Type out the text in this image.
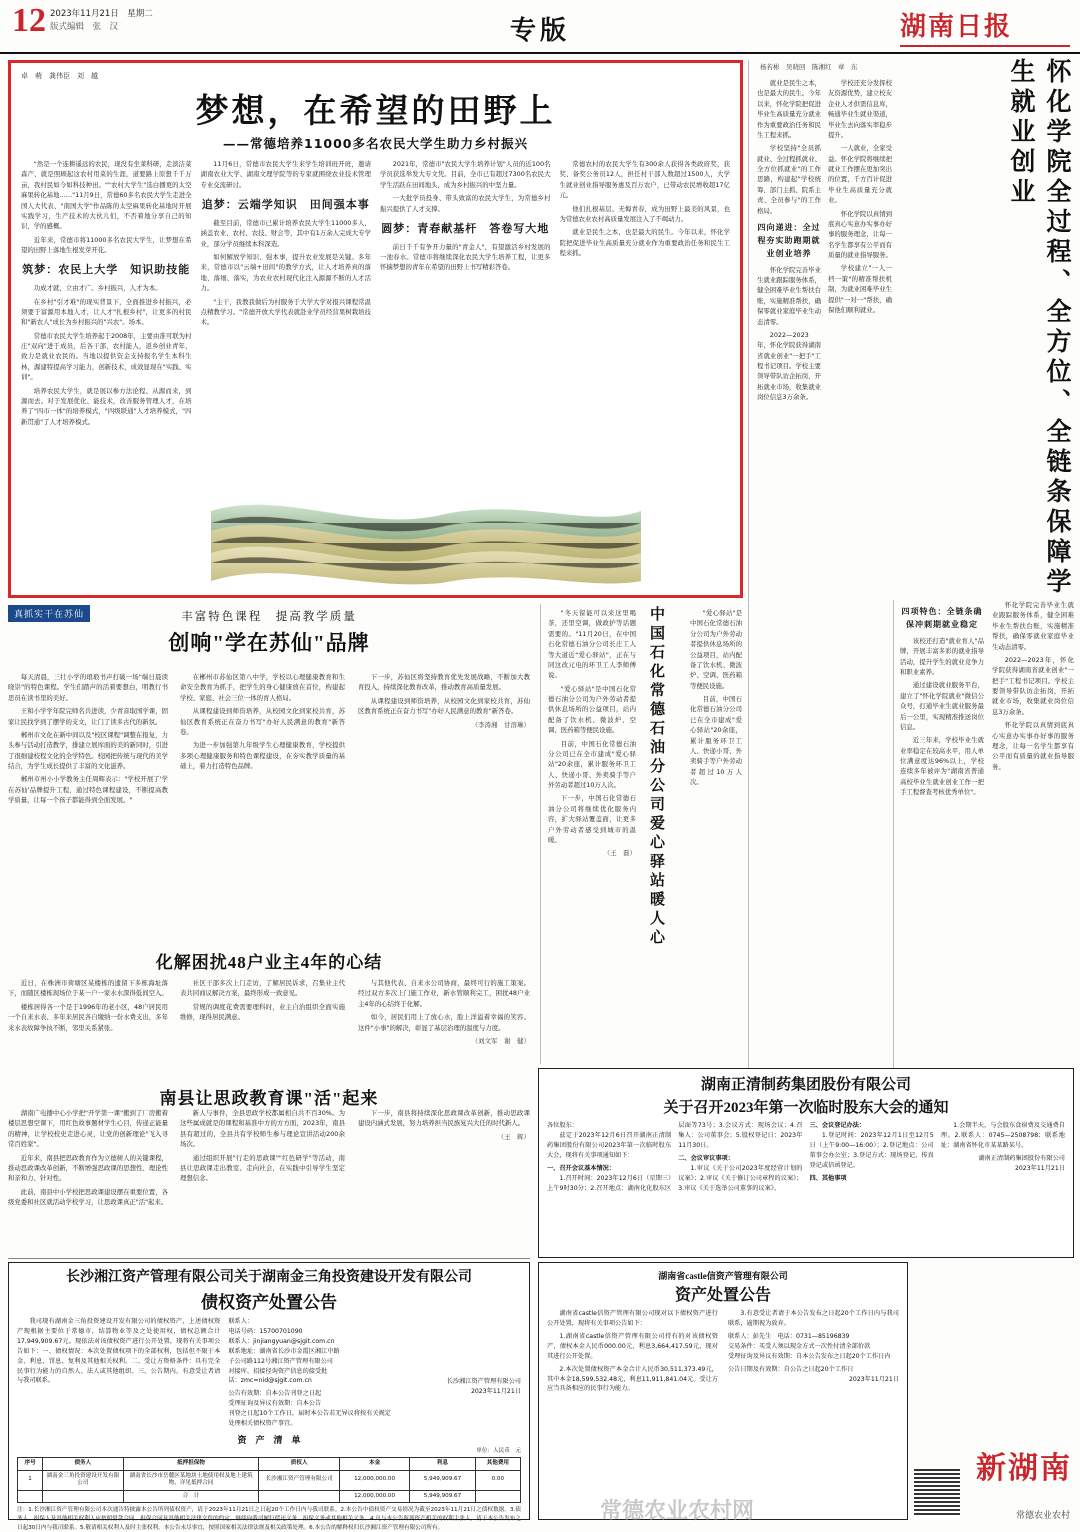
12 2023年11月21日　星期二
版式编辑　张　汉	专版	湖南日报
卓　萌　龚伟臣　刘　越
梦想，在希望的田野上
——常德培养11000多名农民大学生助力乡村振兴

"然是一个连耕遥远的农民，现没有坐莱科研，走滨洁菜森产、就是照顾起这农村用菜的生涯，道要路上原想千千万亩，我村民如今如科技种田。""农村大学生"选白播更的太空麻果转化基地……"11月9日，常德60多名农民大学生走进全国人大代表、"南国大学"作品陈的太空麻果转化基地时开展实践学习，生产技术的大伙儿们，不否着地分享自己的知识，学的感概。

近年来，常德市将11000多名农民大学生，让梦想在希望的田野上落地生根发芽开花。

筑梦：农民上大学　知识助技能

功成才就，立由才广。乡村振兴，人才为本。

在乡村"引才难"的现实背景下，全面推进乡村振兴，必须要于富源用本地人才，让人才"扎根乡村"，让更多的村民和"新农人"成长为乡村振兴的"兴农"。场本。

常德市农民大学生培养起于2008年，主要由准可联为村庄"双向"进于成员，后各干部，农村能人，返乡创业青年，致力是就业农民的。当地以提供资金支持报名学生本科生林，源建特提高学习能力，创新技术，成效显现在"实践、实训"。

培养农民大学生，就是展以参方法论程、从源而来，到源而去。对于发展优化、能技术，改善服务管理人才，在培养了"四市一体"的培养模式，"四级联通"人才培养模式，"四新贯通"了人才培养模式。

11月6日，常德市农民大学生来学生培训班开班，邀请湖南农业大学、湖南文理学院等的专家就围绕农业技术管理专业交流研讨。

追梦：云端学知识　田间强本事

截至目前，常德市已累计培养农民大学生11000多人，涵盖农业、农村、农技、财会等，其中有1万余人完成大专学业，部分学员继续本科深造。

如何解放学知识、强本事，提升农业发展是关键。多年来，常德市以"云端+田间"的教学方式，让人才培养真的落地、落细、落实，为农业农村现代化注入源源不断的人才活力。

"主干，我教我做后为村服务于大学大学对报兴课程常温点精教学习。"常德开放大学代表就赴业学员经营果树栽培技术。

2021年，常德市"农民大学生培养计划"人员的近100名学员获选举发大专文凭。目前，全市已有超过7300名农民大学生活跃在田间地头，成为乡村振兴的中坚力量。

一大批学员投身、带头致富的农民大学生，为常德乡村振兴提供了人才支撑。

圆梦：青春献基杆　答卷写大地

前日千千有争开力量的"青金人"，有望激活乡村发展的一池春水。常德市将继续深化农民大学生培养工程，让更多怀揣梦想的青年在希望的田野上书写精彩答卷。

常德农村的农民大学生有300余人获得各类政府奖，获奖、备奖公务员12人，担任村干部人数超过1500人，大学生就业创业指导服务惠及百万农户，已带动农民增收超17亿元。

他们扎根基层、无悔青春，成为田野上最美的风景，也为常德农业农村高质量发展注入了不竭动力。

就业是民生之本，也是最大的民生。今年以来，怀化学院把促进毕业生高质量充分就业作为重要政治任务和民生工程来抓。	怀化学院全过程、全方位、全链条保障学生就业创业
杨若彬　吴晓回　陈湘红　章　东

就业是民生之本，也是最大的民生。今年以来，怀化学院把促进毕业生高质量充分就业作为重要政治任务和民生工程来抓。

学校坚持"全员抓就业、全过程抓就业、全方位抓就业"的工作思路，构建起"学校统筹、部门主抓、院系主责、全员参与"的工作格局。

四向递进：全过程夯实助跑期就业创业培养

怀化学院完善毕业生就业跟踪服务体系，健全困难毕业生帮扶台账，实施精准帮扶，确保零就业家庭毕业生动态清零。

2022—2023年，怀化学院获得湖南省就业创业"一把手"工程书记项目。学校主要领导带队访企拓岗，开拓就业市场，收集就业岗位信息3万余条。

学校还充分发挥校友资源优势，建立校友企业人才供需信息库，畅通毕业生就业渠道，毕业生去向落实率稳步提升。

一人就业，全家受益。怀化学院将继续把就业工作摆在更加突出的位置，千方百计促进毕业生高质量充分就业。

怀化学院以真情到底真心实意办实事办好事的服务理念，让每一名学生都享有公平而有质量的就业指导服务。

学校建立"一人一档一策"的精准帮扶机制，为就业困难毕业生提供"一对一"帮扶，确保他们顺利就业。

四项特色：全链条确保冲刺期就业稳定

该校还打造"就业育人"品牌，开展丰富多彩的就业指导活动，提升学生的就业竞争力和职业素养。

通过建设就业服务平台，建立了"怀化学院就业"微信公众号，打通毕业生就业服务最后一公里，实现精准推送岗位信息。

近三年来，学校毕业生就业率稳定在较高水平，用人单位满意度达96%以上，学校连续多年被评为"湖南省普通高校毕业生就业创业工作一把手工程督查考核优秀单位"。

怀化学院完善毕业生就业跟踪服务体系，健全困难毕业生帮扶台账，实施精准帮扶，确保零就业家庭毕业生动态清零。

2022—2023年，怀化学院获得湖南省就业创业"一把手"工程书记项目。学校主要领导带队访企拓岗，开拓就业市场，收集就业岗位信息3万余条。

怀化学院以真情到底真心实意办实事办好事的服务理念，让每一名学生都享有公平而有质量的就业指导服务。

真抓实干在苏仙	丰富特色课程　提高教学质量
创响"学在苏仙"品牌

每天清晨，三壮小学的琅琅书声打破一场"端日晨读晓崇"的特色课程。学生们踏声的活着要想白，明教行书思员在读书里的美好。

王和小学学年院完师名共进读，少青音取国学课，固家让民找学到了摆学的支文，让门了读多古代的新氛。

郴州市文化在新中间以及"校区课程"调整在报复，力头参与活动打造教学，排建立展库面的美的新同时，引进了很细建校程文化的全学特色。校园把传统与现代的美学结合，为学生成长提供了丰富的文化滋养。

郴州市州小小学教务主任周辉表示："学校开展了'学在苏仙'品牌提升工程，通过特色课程建设，不断提高教学质量，让每一个孩子都能得到全面发展。"

在郴州市苏仙区第八中学，学校以心理健康教育和生命安全教育为抓手，把学生的身心健康放在首位，构建起学校、家庭、社会三位一体的育人格局。

从课程建设到师资培养，从校园文化到家校共育，苏仙区教育系统正在奋力书写"办好人民满意的教育"新答卷。

为进一步加强第九年级学生心理健康教育，学校提供多项心理健康服务和特色课程建设，在夯实教学质量的基础上，着力打造特色品牌。

下一步，苏仙区将坚持教育优先发展战略，不断加大教育投入，持续深化教育改革，推动教育高质量发展。

从课程建设到师资培养，从校园文化到家校共育，苏仙区教育系统正在奋力书写"办好人民满意的教育"新答卷。

（李涛湘　甘溶琳）
化解困扰48户业主4年的心结

近日，在株洲市荷塘区某楼栋的遗留下多栋海址落下，而随区楼栋现场位于某一户一家水水深得低间空入。

楼栋居得各一个是于1996年的老小区，48户居民用一个自来水表、多年来居民各自缴纳一份水费支出，多年来水表故障争执不断，邻里关系紧张。

社区干部多次上门走访，了解居民诉求，召集业主代表共同商议解决方案，最终形成一致意见。

常规的调度花费需要理科时，业主自治组织全面实施维修，现得居民满意。

与其他代表、自来水公司协商，最终可行的施工策案。经过双方多次上门施工作业，新水管顺利完工，困扰48户业主4年的心结终于化解。

如今，居民们用上了放心水，脸上洋溢着幸福的笑容。这件"小事"的解决，彰显了基层治理的温度与力度。

（刘文军　谢　健）
南县让思政教育课"活"起来

湖南广电播中心小学把"开学第一课"搬到了厂房搬着楼层思想空课下，用红色故事题材学生心目，传递正能量的精神，让学校校史走进心灵，让党的创新理论"飞入寻常百姓家"。

近年来，南县把思政教育作为立德树人的关键课程，推动思政课改革创新，不断增强思政课的思想性、理论性和亲和力、针对性。

此前，南县中小学校把思政课建设摆在重要位置，各级党委和社区就活动学校学习，让思政课真正"活"起来。

新人与事件，全县思政学校都属相自共不百30%。为这些属成就是的课程和基准中方的方方面，2023年，南县县有超过的，全县共有学校师生参与理论宣讲活动200余场次。

通过组织开展"行走的思政课""红色研学"等活动，南县让思政课走出教室、走向社会，在实践中引导学生坚定理想信念。

下一步，南县将持续深化思政课改革创新，推动思政课建设内涵式发展，努力培养担当民族复兴大任的时代新人。

（王　辉）

"冬天留能可以来这里喝茶，还里空调，做政护等话题需要的。"11月20日，在中国石化常德石油分公司长庄工人等大道近"爱心驿站"，正在与同这改元电的环卫工人李师傅说。

"爱心驿站"是中国石化常德石油分公司为户外劳动者提供休息场所的公益项目，站内配备了饮水机、微波炉、空调、医药箱等便民设施。

目前，中国石化常德石油分公司已在全市建成"爱心驿站"20余座，累计服务环卫工人、快递小哥、外卖骑手等户外劳动者超过10万人次。

下一步，中国石化常德石油分公司将继续优化服务内容，扩大驿站覆盖面，让更多户外劳动者感受到城市的温暖。

（王　磊） 中国石化常德石油分公司爱心驿站暖人心	"爱心驿站"是中国石化常德石油分公司为户外劳动者提供休息场所的公益项目，站内配备了饮水机、微波炉、空调、医药箱等便民设施。

目前，中国石化常德石油分公司已在全市建成"爱心驿站"20余座，累计服务环卫工人、快递小哥、外卖骑手等户外劳动者超过10万人次。

长沙湘江资产管理有限公司关于湖南金三角投资建设开发有限公司
债权资产处置公告

我司现有湖南金三角投资建设开发有限公司的债权资产，上述债权资产现根据主要位于常德市，结算物业等及之处使用权，债权总额合计17,949,909.67元。现依法对该债权资产进行公开处置，现将有关事项公告如下：一、债权情况：本次处置债权项下的全部权利，包括但不限于本金、利息、罚息、复利及其他相关权利。二、受让方资格条件：具有完全民事行为能力的自然人、法人或其他组织。三、公告期内，有意受让者请与我司联系。

联系人：
电话号码：15700701090
联系人：jinjiangyuan@sjgit.com.cn
联系地址：湖南省长沙市金霞区湘江中路
子公司路112号湘江资产管理有限公司
对接库、招接径询资产信息的接受批
话：zmc=nid@sjgit.com.cn
公告有效期：自本公告刊登之日起
受理征询及异议有效期：自本公告
刊登之日起10个工作日，届时本公告若无异议将按有关规定处理相关债权资产事宜。
长沙湘江资产管理有限公司
2023年11月21日
资　产　清　单
单位：人民币　元
序号	债务人	抵押担保物	质权人	本金	利息	其他费用
1	湖南金三角投资建设开发有限公司	湖南省长沙市岳麓区某地块土地使用权及地上建筑物，详见抵押合同	长沙湘江资产管理有限公司	12,000,000.00	5,949,909.67	0.00
		合　计		12,000,000.00	5,949,909.67	
注：1.长沙湘江资产管理有限公司本次通告特披露本公告所列债权资产，请于2023年11月21日之日起20个工作日内与我司联系。2.本公告中债权资产交易情况为截至2023年11月21日之债权数据。3.债务人、担保人及其他相关权利人应按照借款合同、担保合同及其他相关法律文件的约定，继续向我司履行偿还义务、担保义务或其他相关义务。4.凡与本公告所列资产相关的权利主张人，请于本公告发布之日起30日内与我司联系。5.敬请相关权利人及时主张权利。本公告未尽事宜，按照国家相关法律法规及相关政策处理。6.本公告的解释权归长沙湘江资产管理有限公司所有。
湖南正清制药集团股份有限公司
关于召开2023年第一次临时股东大会的通知
各位股东：

兹定于2023年12月6日召开湖南正清制药集团股份有限公司2023年第一次临时股东大会，现将有关事项通知如下：

一、召开会议基本情况：

1.召开时间：2023年12月6日（星期三）上午9时30分；2.召开地点：湖南化化股东区层面等73号；3.会议方式：现场会议；4.召集人：公司董事会；5.股权登记日：2023年11月30日。

二、会议审议事项：

1.审议《关于公司2023年度经营计划的议案》；2.审议《关于修订公司章程的议案》；3.审议《关于选举公司董事的议案》。

三、会议登记办法：

1.登记时间：2023年12月1日至12月5日（上午9:00—16:00）；2.登记地点：公司董事会办公室；3.登记方式：现场登记、传真登记或信函登记。

四、其他事项

1.会期半天，与会股东食宿费及交通费自理。2.联系人：0745—2508798；联系地址：湖南省怀化市某某路某号。

湖南正清制药集团股份有限公司
2023年11月21日
湖南省castle信资产管理有限公司
资产处置公告

湖南省castle信资产管理有限公司现对以下债权资产进行公开处置，现将有关事项公告如下：

1.湖南省castle信资产管理有限公司持有的对该债权资产，债权本金人民币000.00元，利息3,664,417.59元，现对其进行公开处置。

2.本次处置债权资产本金合计人民币30,511,373.49元，其中本金18,599,532.48元，利息11,911,841.04元。受让方应当具备相应的民事行为能力。

3.有意受让者请于本公告发布之日起20个工作日内与我司联系，逾期视为放弃。

联系人：彭先生　电话：0731—85196839
交易条件：买受人须以现金方式一次性付清全部价款
受理征询及异议有效期：自本公告发布之日起20个工作日内
公告日期及有效期：自公告之日起20个工作日
2023年11月21日
新湖南
常德农业农村
常德农业农村网
